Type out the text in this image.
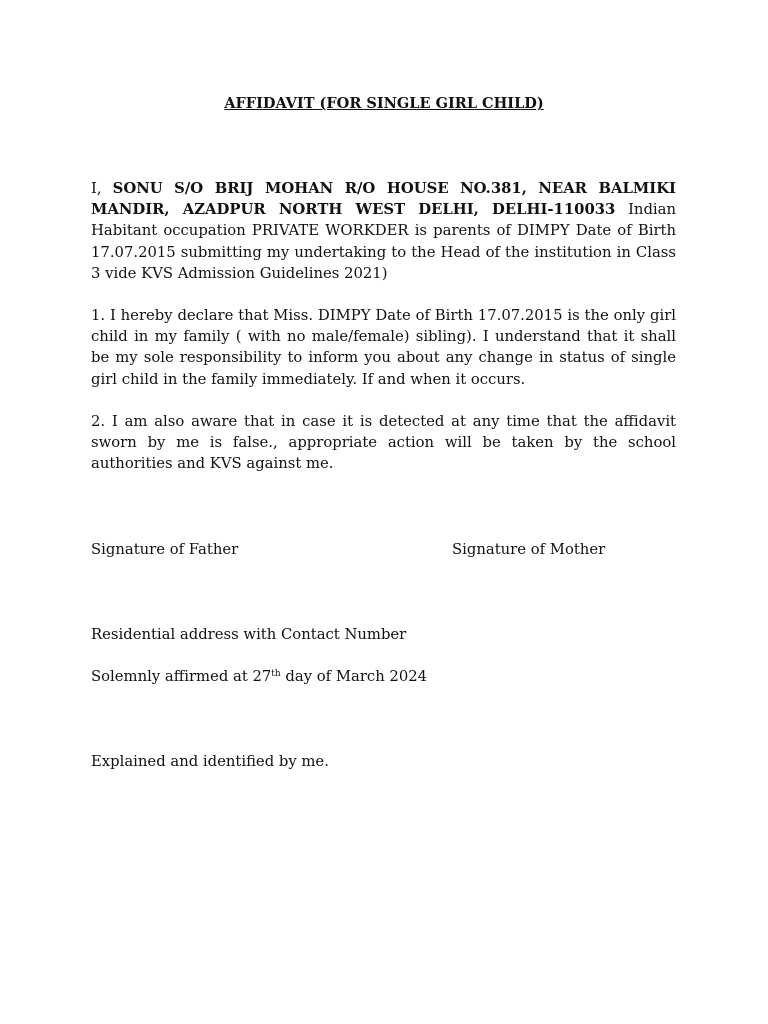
AFFIDAVIT (FOR SINGLE GIRL CHILD)

I, SONU S/O BRIJ MOHAN R/O HOUSE NO.381, NEAR BALMIKI MANDIR, AZADPUR NORTH WEST DELHI, DELHI-110033 Indian Habitant occupation PRIVATE WORKDER is parents of DIMPY Date of Birth 17.07.2015 submitting my undertaking to the Head of the institution in Class 3 vide KVS Admission Guidelines 2021)

1. I hereby declare that Miss. DIMPY Date of Birth 17.07.2015 is the only girl child in my family ( with no male/female) sibling). I understand that it shall be my sole responsibility to inform you about any change in status of single girl child in the family immediately. If and when it occurs.

2. I am also aware that in case it is detected at any time that the affidavit sworn by me is false., appropriate action will be taken by the school authorities and KVS against me.

Signature of Father	Signature of Mother
Residential address with Contact Number
Solemnly affirmed at 27th day of March 2024
Explained and identified by me.
